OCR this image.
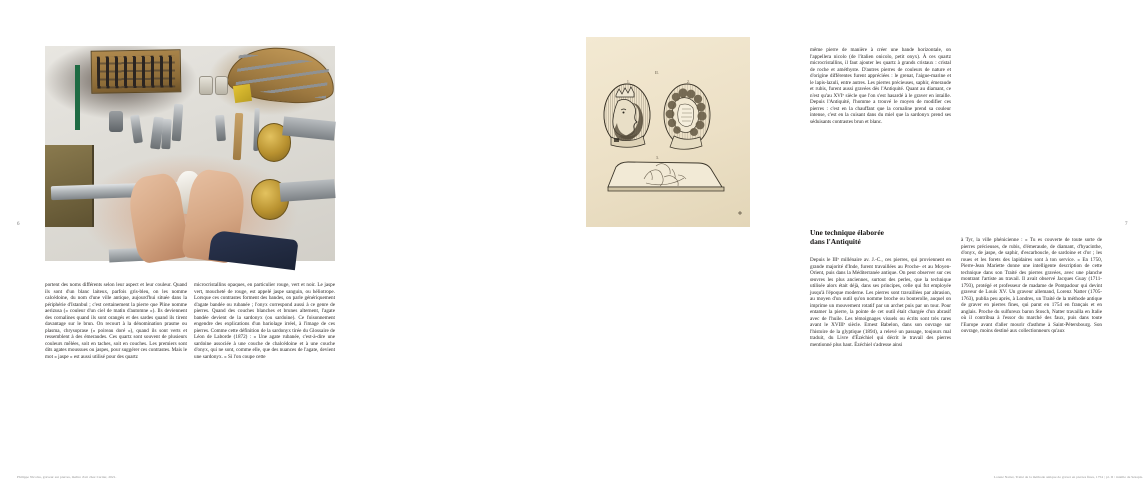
6

portent des noms différents selon leur aspect et leur couleur. Quand ils sont d'un blanc laiteux, parfois gris-bleu, on les nomme calcédoine, du nom d'une ville antique, aujourd'hui située dans la périphérie d'Istanbul ; c'est certainement la pierre que Pline nomme aerizusa (« couleur d'un ciel de matin d'automne »). Ils deviennent des cornalines quand ils sont orangés et des sardes quand ils tirent davantage sur le brun. On recourt à la dénomination prasme ou plasma, chrysoprase (« poireau doré »), quand ils sont verts et ressemblent à des émeraudes. Ces quartz sont souvent de plusieurs couleurs mêlées, soit en taches, soit en couches. Les premiers sont dits agates moussues ou jaspes, pour suggérer ces contrastes. Mais le mot « jaspe » est aussi utilisé pour des quartz

microcristallins opaques, en particulier rouge, vert et noir. Le jaspe vert, moucheté de rouge, est appelé jaspe sanguin, ou héliotrope. Lorsque ces contrastes forment des bandes, on parle génériquement d'agate bandée ou rubanée ; l'onyx correspond aussi à ce genre de pierres. Quand des couches blanches et brunes alternent, l'agate bandée devient de la sardonyx (ou sardoine). Ce foisonnement engendre des explications d'un bariolage irréel, à l'image de ces pierres. Comme cette définition de la sardonyx tirée du Glossaire de Léon de Laborde (1872) : « Une agate rubanée, c'est-à-dire une sardoine associée à une couche de chalcédoine et à une couche d'onyx, qui ne sont, comme elle, que des nuances de l'agate, devient une sardonyx. » Si l'on coupe cette

Philippe Nicolas, graveur sur pierres, maître d'art chez Cartier, 2021.
II.
1.	2.
3.
7

même pierre de manière à créer une bande horizontale, on l'appellera nicolo (de l'italien onicolo, petit onyx). À ces quartz microcristallins, il faut ajouter les quartz à grands cristaux : cristal de roche et améthyste. D'autres pierres de couleurs de nature et d'origine différentes furent appréciées : le grenat, l'aigue-marine et le lapis-lazuli, entre autres. Les pierres précieuses, saphir, émeraude et rubis, furent aussi gravées dès l'Antiquité. Quant au diamant, ce n'est qu'au XVIᵉ siècle que l'on s'est hasardé à le graver en intaille. Depuis l'Antiquité, l'homme a trouvé le moyen de modifier ces pierres : c'est en la chauffant que la cornaline prend sa couleur intense, c'est en la cuisant dans du miel que la sardonyx prend ses séduisants contrastes brun et blanc.

Une technique élaborée
dans l'Antiquité

Depuis le IIIᵉ millénaire av. J.-C., ces pierres, qui proviennent en grande majorité d'Inde, furent travaillées au Proche- et au Moyen-Orient, puis dans la Méditerranée antique. On peut observer sur ces œuvres les plus anciennes, surtout des perles, que la technique utilisée alors était déjà, dans ses principes, celle qui fut employée jusqu'à l'époque moderne. Les pierres sont travaillées par abrasion, au moyen d'un outil qu'on nomme broche ou bouterolle, auquel on imprime un mouvement rotatif par un archet puis par un tour. Pour entamer la pierre, la pointe de cet outil était chargée d'un abrasif avec de l'huile. Les témoignages visuels ou écrits sont très rares avant le XVIIIᵉ siècle. Ernest Babelon, dans son ouvrage sur l'histoire de la glyptique (1894), a relevé un passage, toujours mal traduit, du Livre d'Ézéchiel qui décrit le travail des pierres mentionné plus haut. Ézéchiel s'adresse ainsi

à Tyr, la ville phénicienne : « Tu es couverte de toute sorte de pierres précieuses, de rubis, d'émeraude, de diamant, d'hyacinthe, d'onyx, de jaspe, de saphir, d'escarboucle, de sardoine et d'or ; les roues et les forets des lapidaires sont à ton service. » En 1750, Pierre-Jean Mariette donne une intelligente description de cette technique dans son Traité des pierres gravées, avec une planche montrant l'artiste au travail. Il avait observé Jacques Guay (1711-1793), protégé et professeur de madame de Pompadour qui devint graveur de Louis XV. Un graveur allemand, Lorenz Natter (1705-1763), publia peu après, à Londres, un Traité de la méthode antique de graver en pierres fines, qui parut en 1754 en français et en anglais. Proche du sulfureux baron Stosch, Natter travailla en Italie où il contribua à l'essor du marché des faux, puis dans toute l'Europe avant d'aller mourir d'asthme à Saint-Pétersbourg. Son ouvrage, moins destiné aux collectionneurs qu'aux

Lorenz Natter, Traité de la méthode antique de graver en pierres fines, 1754 ; pl. II : intaille de Sésapis.
